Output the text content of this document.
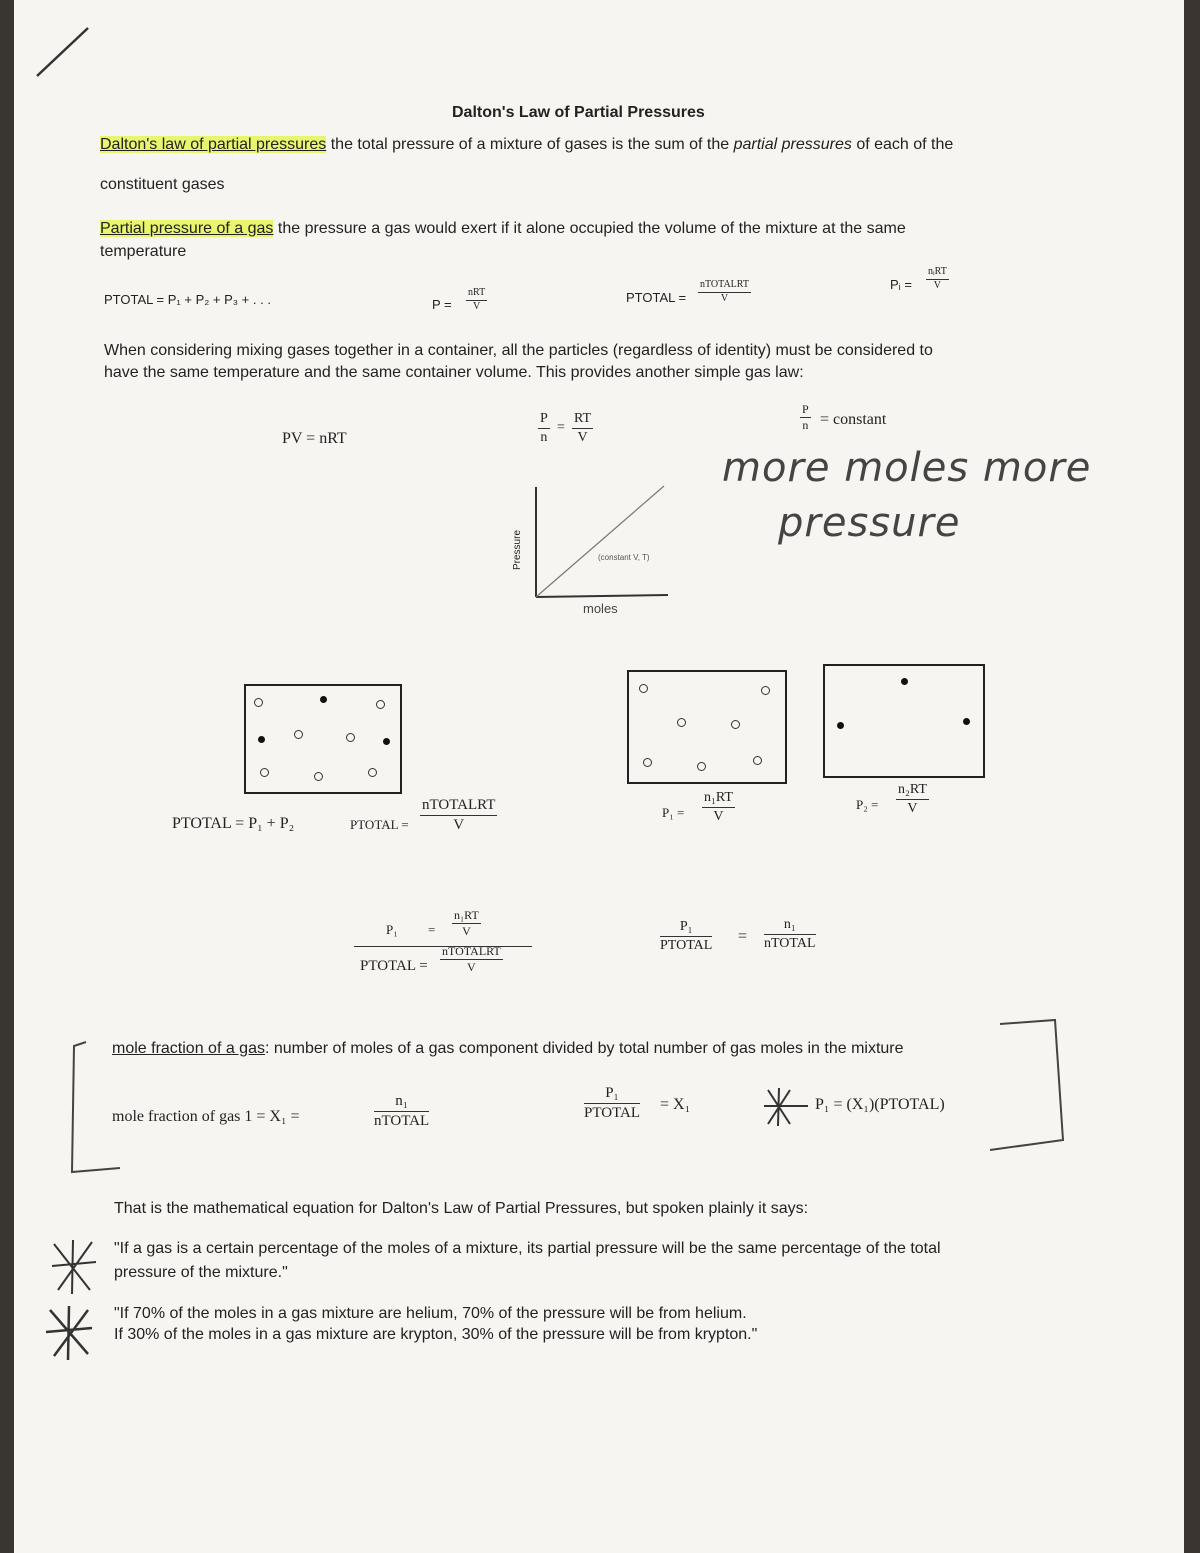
Dalton's Law of Partial Pressures
Dalton's law of partial pressures the total pressure of a mixture of gases is the sum of the partial pressures of each of the
constituent gases
Partial pressure of a gas the pressure a gas would exert if it alone occupied the volume of the mixture at the same
temperature
PTOTAL = P₁ + P₂ + P₃ + . . .	P =
nRT
V
PTOTAL =
nTOTALRT
V
Pᵢ =
nᵢRT
V
When considering mixing gases together in a container, all the particles (regardless of identity) must be considered to
have the same temperature and the same container volume. This provides another simple gas law:
PV = nRT	$\frac{P}{n} = \frac{RT}{V}$	$\frac{P}{n}$ = constant
Pressure
moles
(constant V, T)
more moles more
pressure
PTOTAL = P₁ + P₂	PTOTAL =
nTOTALRT
V
$P_1 = \frac{\text{n₁RT}}{V}$	$P_2 = \frac{\text{n₂RT}}{V}$
$P_1 = \frac{\text{n₁RT}}{V}$
PTOTAL =
nTOTALRT
V
P₁
PTOTAL =
n₁
nTOTAL
mole fraction of a gas: number of moles of a gas component divided by total number of gas moles in the mixture
mole fraction of gas 1 = X₁ =
n₁
nTOTAL
P₁
PTOTAL = X₁	P₁ = (X₁)(PTOTAL)
That is the mathematical equation for Dalton's Law of Partial Pressures, but spoken plainly it says:
"If a gas is a certain percentage of the moles of a mixture, its partial pressure will be the same percentage of the total
pressure of the mixture."
"If 70% of the moles in a gas mixture are helium, 70% of the pressure will be from helium.
If 30% of the moles in a gas mixture are krypton, 30% of the pressure will be from krypton."
